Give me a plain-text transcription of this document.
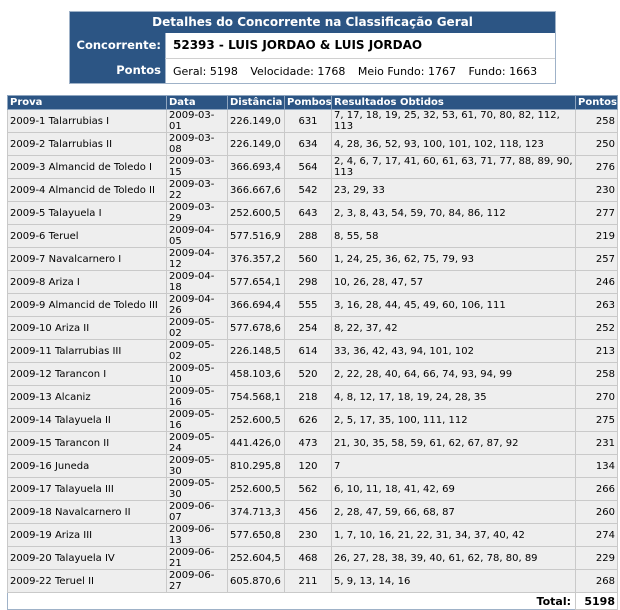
Detalhes do Concorrente na Classificação Geral
Concorrente:	52393 - LUIS JORDAO & LUIS JORDAO
Pontos	Geral: 5198 Velocidade: 1768 Meio Fundo: 1767 Fundo: 1663
Prova	Data	Distância	Pombos	Resultados Obtidos	Pontos
2009-1 Talarrubias I	2009-03-01	226.149,0	631	7, 17, 18, 19, 25, 32, 53, 61, 70, 80, 82, 112, 113	258
2009-2 Talarrubias II	2009-03-08	226.149,0	634	4, 28, 36, 52, 93, 100, 101, 102, 118, 123	250
2009-3 Almancid de Toledo I	2009-03-15	366.693,4	564	2, 4, 6, 7, 17, 41, 60, 61, 63, 71, 77, 88, 89, 90, 113	276
2009-4 Almancid de Toledo II	2009-03-22	366.667,6	542	23, 29, 33	230
2009-5 Talayuela I	2009-03-29	252.600,5	643	2, 3, 8, 43, 54, 59, 70, 84, 86, 112	277
2009-6 Teruel	2009-04-05	577.516,9	288	8, 55, 58	219
2009-7 Navalcarnero I	2009-04-12	376.357,2	560	1, 24, 25, 36, 62, 75, 79, 93	257
2009-8 Ariza I	2009-04-18	577.654,1	298	10, 26, 28, 47, 57	246
2009-9 Almancid de Toledo III	2009-04-26	366.694,4	555	3, 16, 28, 44, 45, 49, 60, 106, 111	263
2009-10 Ariza II	2009-05-02	577.678,6	254	8, 22, 37, 42	252
2009-11 Talarrubias III	2009-05-02	226.148,5	614	33, 36, 42, 43, 94, 101, 102	213
2009-12 Tarancon I	2009-05-10	458.103,6	520	2, 22, 28, 40, 64, 66, 74, 93, 94, 99	258
2009-13 Alcaniz	2009-05-16	754.568,1	218	4, 8, 12, 17, 18, 19, 24, 28, 35	270
2009-14 Talayuela II	2009-05-16	252.600,5	626	2, 5, 17, 35, 100, 111, 112	275
2009-15 Tarancon II	2009-05-24	441.426,0	473	21, 30, 35, 58, 59, 61, 62, 67, 87, 92	231
2009-16 Juneda	2009-05-30	810.295,8	120	7	134
2009-17 Talayuela III	2009-05-30	252.600,5	562	6, 10, 11, 18, 41, 42, 69	266
2009-18 Navalcarnero II	2009-06-07	374.713,3	456	2, 28, 47, 59, 66, 68, 87	260
2009-19 Ariza III	2009-06-13	577.650,8	230	1, 7, 10, 16, 21, 22, 31, 34, 37, 40, 42	274
2009-20 Talayuela IV	2009-06-21	252.604,5	468	26, 27, 28, 38, 39, 40, 61, 62, 78, 80, 89	229
2009-22 Teruel II	2009-06-27	605.870,6	211	5, 9, 13, 14, 16	268
Total:					5198
